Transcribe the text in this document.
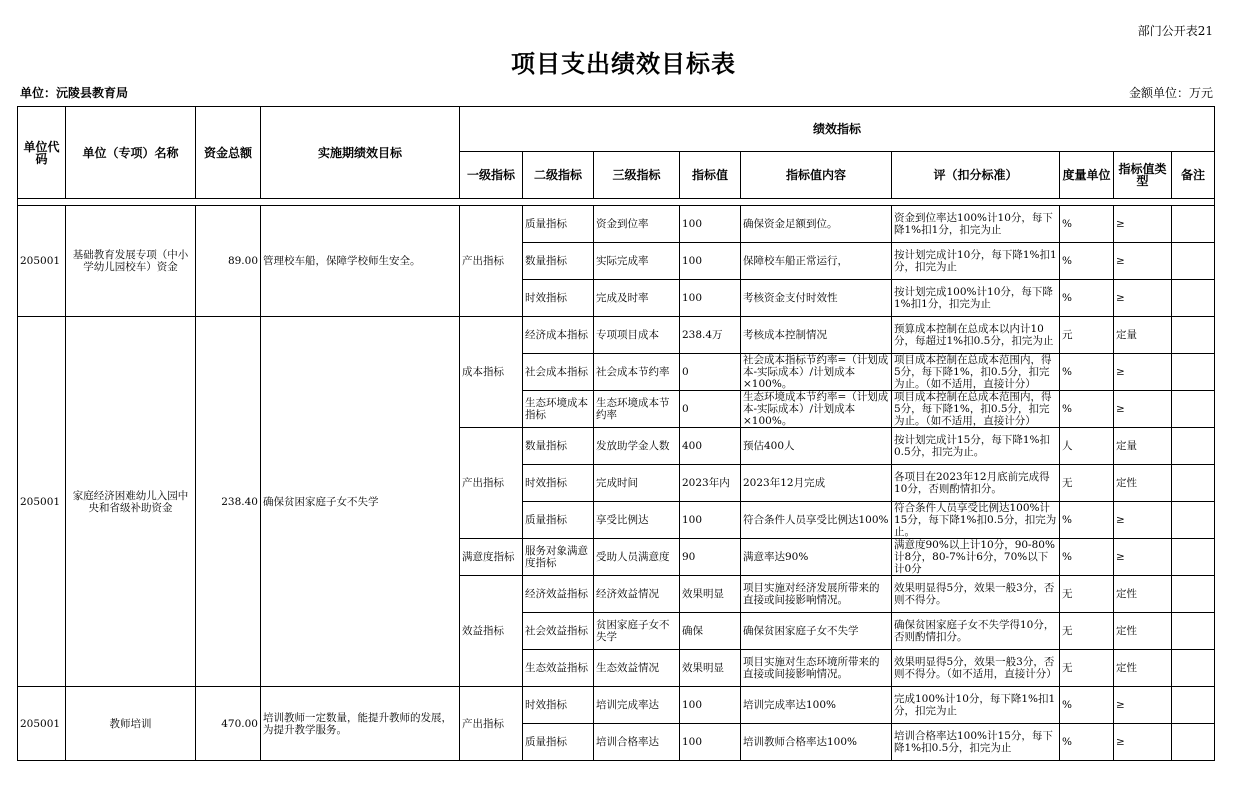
部门公开表21
项目支出绩效目标表
单位：沅陵县教育局	金额单位：万元
单位代码	单位（专项）名称	资金总额	实施期绩效目标	绩效指标								
				一级指标	二级指标	三级指标	指标值	指标值内容	评（扣分标准）	度量单位	指标值类型	备注

205001	基础教育发展专项（中小学幼儿园校车）资金	89.00	管理校车船，保障学校师生安全。	产出指标	质量指标	资金到位率	100	确保资金足额到位。	资金到位率达100%计10分，每下降1%扣1分，扣完为止	%	≥	
					数量指标	实际完成率	100	保障校车船正常运行，	按计划完成计10分，每下降1%扣1分，扣完为止	%	≥	
					时效指标	完成及时率	100	考核资金支付时效性	按计划完成100%计10分，每下降1%扣1分，扣完为止	%	≥	
205001	家庭经济困难幼儿入园中央和省级补助资金	238.40	确保贫困家庭子女不失学	成本指标	经济成本指标	专项项目成本	238.4万	考核成本控制情况	预算成本控制在总成本以内计10分，每超过1%扣0.5分，扣完为止	元	定量	
					社会成本指标	社会成本节约率	0	社会成本指标节约率=（计划成本-实际成本）/计划成本×100%。	项目成本控制在总成本范围内，得5分，每下降1%，扣0.5分，扣完为止。（如不适用，直接计分）	%	≥	
					生态环境成本指标	生态环境成本节约率	0	生态环境成本节约率=（计划成本-实际成本）/计划成本×100%。	项目成本控制在总成本范围内，得5分，每下降1%，扣0.5分，扣完为止。（如不适用，直接计分）	%	≥	
				产出指标	数量指标	发放助学金人数	400	预估400人	按计划完成计15分，每下降1%扣0.5分，扣完为止。	人	定量	
					时效指标	完成时间	2023年内	2023年12月完成	各项目在2023年12月底前完成得10分，否则酌情扣分。	无	定性	
					质量指标	享受比例达	100	符合条件人员享受比例达100%	符合条件人员享受比例达100%计15分，每下降1%扣0.5分，扣完为止。	%	≥	
				满意度指标	服务对象满意度指标	受助人员满意度	90	满意率达90%	满意度90%以上计10分，90-80%计8分，80-7%计6分，70%以下计0分	%	≥	
				效益指标	经济效益指标	经济效益情况	效果明显	项目实施对经济发展所带来的直接或间接影响情况。	效果明显得5分，效果一般3分，否则不得分。	无	定性	
					社会效益指标	贫困家庭子女不失学	确保	确保贫困家庭子女不失学	确保贫困家庭子女不失学得10分，否则酌情扣分。	无	定性	
					生态效益指标	生态效益情况	效果明显	项目实施对生态环境所带来的直接或间接影响情况。	效果明显得5分，效果一般3分，否则不得分。（如不适用，直接计分）	无	定性	
205001	教师培训	470.00	培训教师一定数量，能提升教师的发展，为提升教学服务。	产出指标	时效指标	培训完成率达	100	培训完成率达100%	完成100%计10分，每下降1%扣1分，扣完为止	%	≥	
					质量指标	培训合格率达	100	培训教师合格率达100%	培训合格率达100%计15分，每下降1%扣0.5分，扣完为止	%	≥	
